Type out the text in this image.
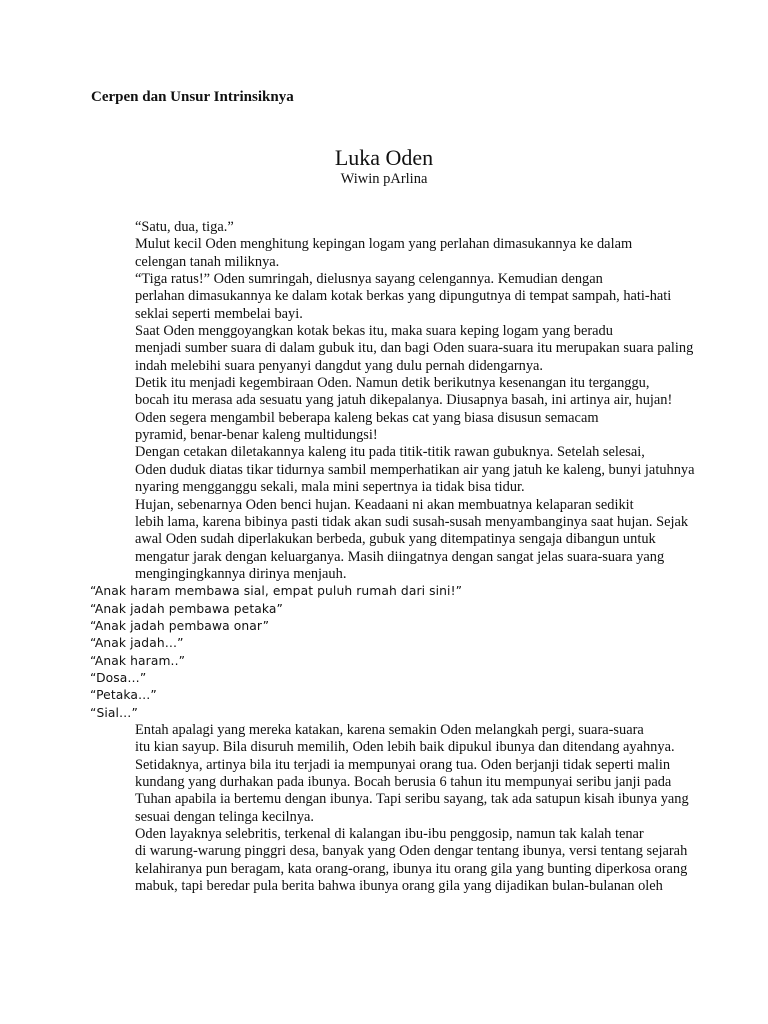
Cerpen dan Unsur Intrinsiknya
Luka Oden
Wiwin pArlina

“Satu, dua, tiga.”

Mulut kecil Oden menghitung kepingan logam yang perlahan dimasukannya ke dalam
celengan tanah miliknya.

“Tiga ratus!” Oden sumringah, dielusnya sayang celengannya. Kemudian dengan
perlahan dimasukannya ke dalam kotak berkas yang dipungutnya di tempat sampah, hati-hati
seklai seperti membelai bayi.

Saat Oden menggoyangkan kotak bekas itu, maka suara keping logam yang beradu
menjadi sumber suara di dalam gubuk itu, dan bagi Oden suara-suara itu merupakan suara paling
indah melebihi suara penyanyi dangdut yang dulu pernah didengarnya.

Detik itu menjadi kegembiraan Oden. Namun detik berikutnya kesenangan itu terganggu,
bocah itu merasa ada sesuatu yang jatuh dikepalanya. Diusapnya basah, ini artinya air, hujan!

Oden segera mengambil beberapa kaleng bekas cat yang biasa disusun semacam
pyramid, benar-benar kaleng multidungsi!

Dengan cetakan diletakannya kaleng itu pada titik-titik rawan gubuknya. Setelah selesai,
Oden duduk diatas tikar tidurnya sambil memperhatikan air yang jatuh ke kaleng, bunyi jatuhnya
nyaring mengganggu sekali, mala mini sepertnya ia tidak bisa tidur.

Hujan, sebenarnya Oden benci hujan. Keadaani ni akan membuatnya kelaparan sedikit
lebih lama, karena bibinya pasti tidak akan sudi susah-susah menyambanginya saat hujan. Sejak
awal Oden sudah diperlakukan berbeda, gubuk yang ditempatinya sengaja dibangun untuk
mengatur jarak dengan keluarganya. Masih diingatnya dengan sangat jelas suara-suara yang
mengingingkannya dirinya menjauh.

“Anak haram membawa sial, empat puluh rumah dari sini!”

“Anak jadah pembawa petaka”

“Anak jadah pembawa onar”

“Anak jadah…”

“Anak haram..”

“Dosa…”

“Petaka…”

“Sial…”

Entah apalagi yang mereka katakan, karena semakin Oden melangkah pergi, suara-suara
itu kian sayup. Bila disuruh memilih, Oden lebih baik dipukul ibunya dan ditendang ayahnya.
Setidaknya, artinya bila itu terjadi ia mempunyai orang tua. Oden berjanji tidak seperti malin
kundang yang durhakan pada ibunya. Bocah berusia 6 tahun itu mempunyai seribu janji pada
Tuhan apabila ia bertemu dengan ibunya. Tapi seribu sayang, tak ada satupun kisah ibunya yang
sesuai dengan telinga kecilnya.

Oden layaknya selebritis, terkenal di kalangan ibu-ibu penggosip, namun tak kalah tenar
di warung-warung pinggri desa, banyak yang Oden dengar tentang ibunya, versi tentang sejarah
kelahiranya pun beragam, kata orang-orang, ibunya itu orang gila yang bunting diperkosa orang
mabuk, tapi beredar pula berita bahwa ibunya orang gila yang dijadikan bulan-bulanan oleh
